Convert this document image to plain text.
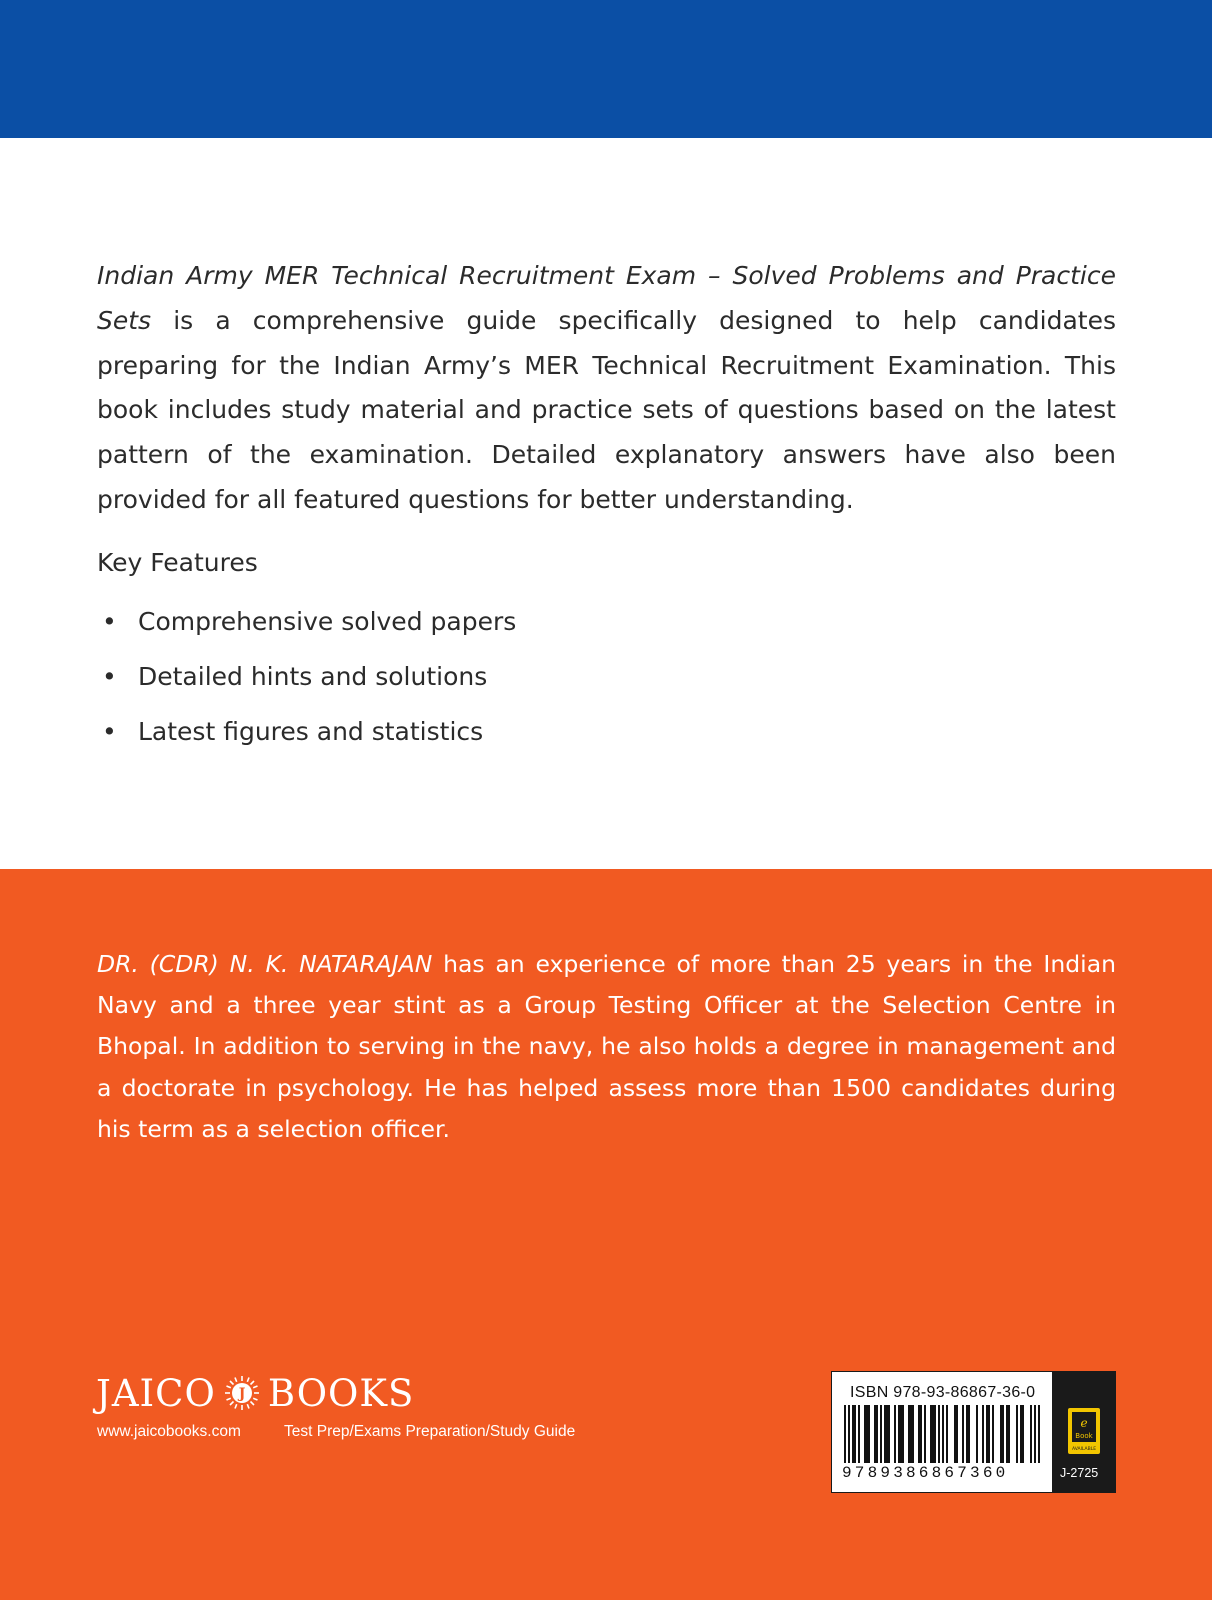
Indian Army MER Technical Recruitment Exam – Solved Problems and Practice Sets is a comprehensive guide specifically designed to help candidates preparing for the Indian Army’s MER Technical Recruitment Examination. This book includes study material and practice sets of questions based on the latest pattern of the examination. Detailed explanatory answers have also been provided for all featured questions for better understanding.

Key Features

• Comprehensive solved papers
• Detailed hints and solutions
• Latest figures and statistics

DR. (CDR) N. K. NATARAJAN has an experience of more than 25 years in the Indian Navy and a three year stint as a Group Testing Officer at the Selection Centre in Bhopal. In addition to serving in the navy, he also holds a degree in management and a doctorate in psychology. He has helped assess more than 1500 candidates during his term as a selection officer.

JAICO J BOOKS
www.jaicobooks.com	Test Prep/Exams Preparation/Study Guide
ISBN 978-93-86867-36-0
9789386867360
e
Book
AVAILABLE
J-2725
